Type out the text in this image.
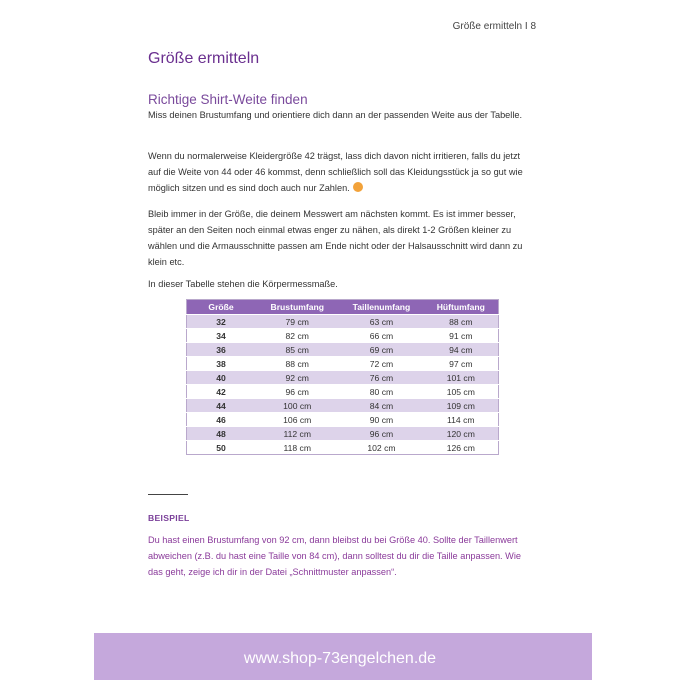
Größe ermitteln I 8
Größe ermitteln
Richtige Shirt-Weite finden
Miss deinen Brustumfang und orientiere dich dann an der passenden Weite aus der Tabelle.
Wenn du normalerweise Kleidergröße 42 trägst, lass dich davon nicht irritieren, falls du jetzt auf die Weite von 44 oder 46 kommst, denn schließlich soll das Kleidungsstück ja so gut wie möglich sitzen und es sind doch auch nur Zahlen.
Bleib immer in der Größe, die deinem Messwert am nächsten kommt. Es ist immer besser, später an den Seiten noch einmal etwas enger zu nähen, als direkt 1-2 Größen kleiner zu wählen und die Armausschnitte passen am Ende nicht oder der Halsausschnitt wird dann zu klein etc.
In dieser Tabelle stehen die Körpermessmaße.
Größe	Brustumfang	Taillenumfang	Hüftumfang
32	79 cm	63 cm	88 cm
34	82 cm	66 cm	91 cm
36	85 cm	69 cm	94 cm
38	88 cm	72 cm	97 cm
40	92 cm	76 cm	101 cm
42	96 cm	80 cm	105 cm
44	100 cm	84 cm	109 cm
46	106 cm	90 cm	114 cm
48	112 cm	96 cm	120 cm
50	118 cm	102 cm	126 cm
BEISPIEL
Du hast einen Brustumfang von 92 cm, dann bleibst du bei Größe 40. Sollte der Taillenwert abweichen (z.B. du hast eine Taille von 84 cm), dann solltest du dir die Taille anpassen. Wie das geht, zeige ich dir in der Datei „Schnittmuster anpassen“.
www.shop-73engelchen.de
